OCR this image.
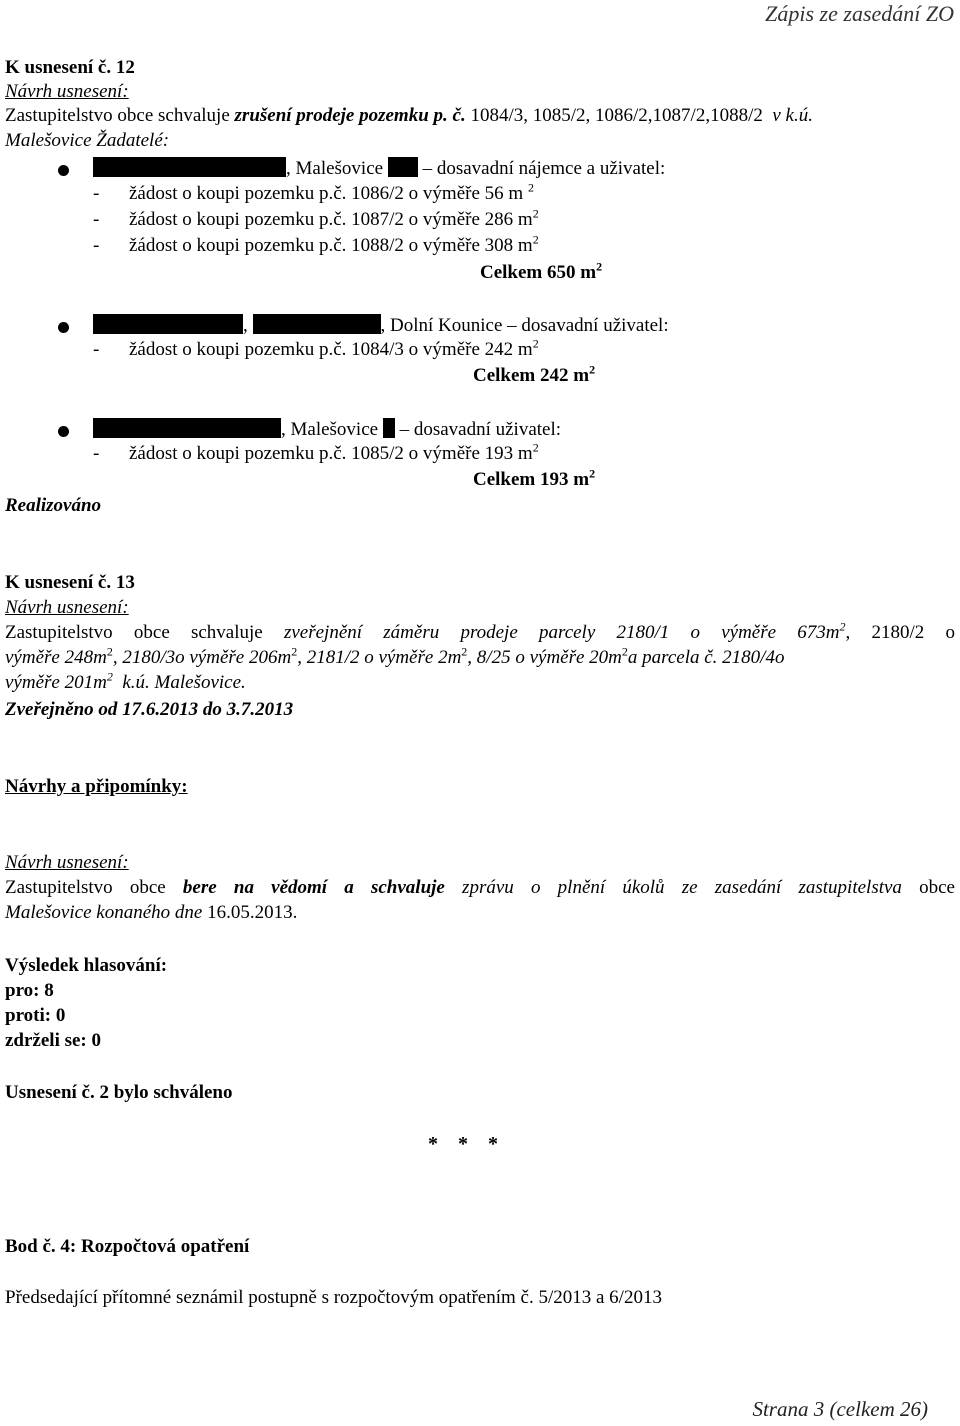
Zápis ze zasedání ZO
K usnesení č. 12
Návrh usnesení:
Zastupitelstvo obce schvaluje zrušení prodeje pozemku p. č. 1084/3, 1085/2, 1086/2,1087/2,1088/2 v k.ú.
Malešovice Žadatelé:
, Malešovice – dosavadní nájemce a uživatel:
- žádost o koupi pozemku p.č. 1086/2 o výměře 56 m $^2$
- žádost o koupi pozemku p.č. 1087/2 o výměře 286 $m^2$
- žádost o koupi pozemku p.č. 1088/2 o výměře 308 $m^2$
Celkem 650 $m^2$
,	, Dolní Kounice – dosavadní uživatel:
- žádost o koupi pozemku p.č. 1084/3 o výměře 242 $m^2$
Celkem 242 $m^2$
, Malešovice – dosavadní uživatel:
- žádost o koupi pozemku p.č. 1085/2 o výměře 193 $m^2$
Celkem 193 $m^2$
Realizováno
K usnesení č. 13
Návrh usnesení:
Zastupitelstvo obce schvaluje zveřejnění záměru prodeje parcely 2180/1 o výměře $673m^2$, 2180/2 o
výměře $248m^2$, 2180/3o výměře $206m^2$, 2181/2 o výměře $2m^2$, 8/25 o výměře $20m^2a$ parcela č. 2180/4o
výměře $201m^2$ k.ú. Malešovice.
Zveřejněno od 17.6.2013 do 3.7.2013
Návrhy a připomínky:
Návrh usnesení:
Zastupitelstvo obce bere na vědomí a schvaluje zprávu o plnění úkolů ze zasedání zastupitelstva obce
Malešovice konaného dne 16.05.2013.
Výsledek hlasování:
pro: 8
proti: 0
zdrželi se: 0
Usnesení č. 2 bylo schváleno
*    *    *
Bod č. 4: Rozpočtová opatření
Předsedající přítomné seznámil postupně s rozpočtovým opatřením č. 5/2013 a 6/2013
Strana 3 (celkem 26)
